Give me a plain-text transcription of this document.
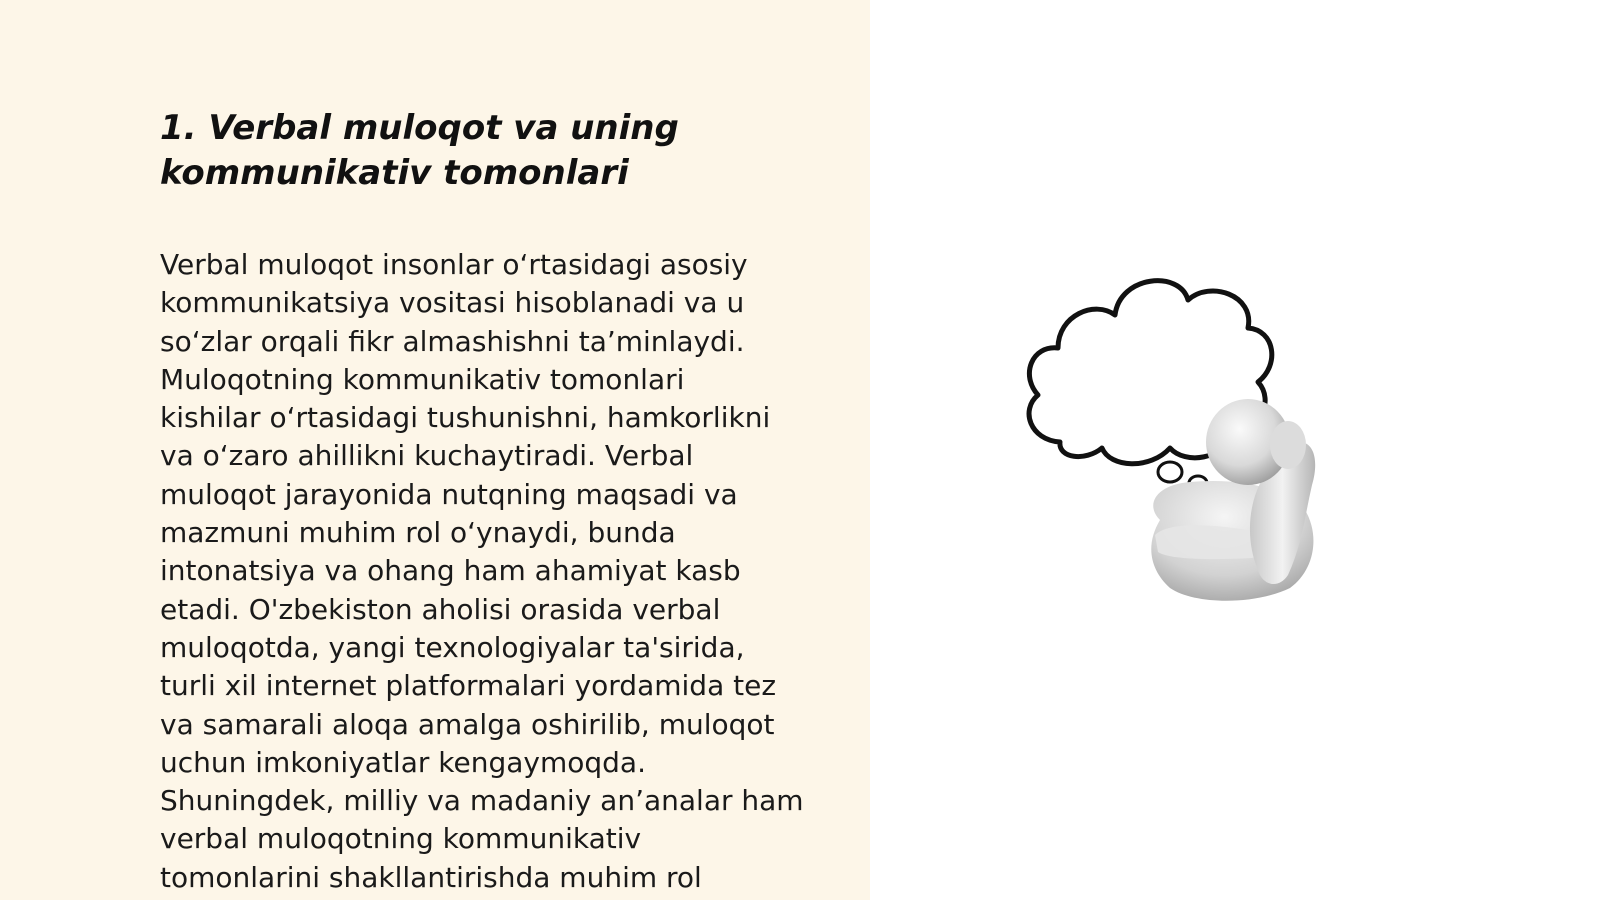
1. Verbal muloqot va uning
kommunikativ tomonlari
Verbal muloqot insonlar o‘rtasidagi asosiy
kommunikatsiya vositasi hisoblanadi va u
so‘zlar orqali fikr almashishni ta’minlaydi.
Muloqotning kommunikativ tomonlari
kishilar o‘rtasidagi tushunishni, hamkorlikni
va o‘zaro ahillikni kuchaytiradi. Verbal
muloqot jarayonida nutqning maqsadi va
mazmuni muhim rol o‘ynaydi, bunda
intonatsiya va ohang ham ahamiyat kasb
etadi. O'zbekiston aholisi orasida verbal
muloqotda, yangi texnologiyalar ta'sirida,
turli xil internet platformalari yordamida tez
va samarali aloqa amalga oshirilib, muloqot
uchun imkoniyatlar kengaymoqda.
Shuningdek, milliy va madaniy an’analar ham
verbal muloqotning kommunikativ
tomonlarini shakllantirishda muhim rol
